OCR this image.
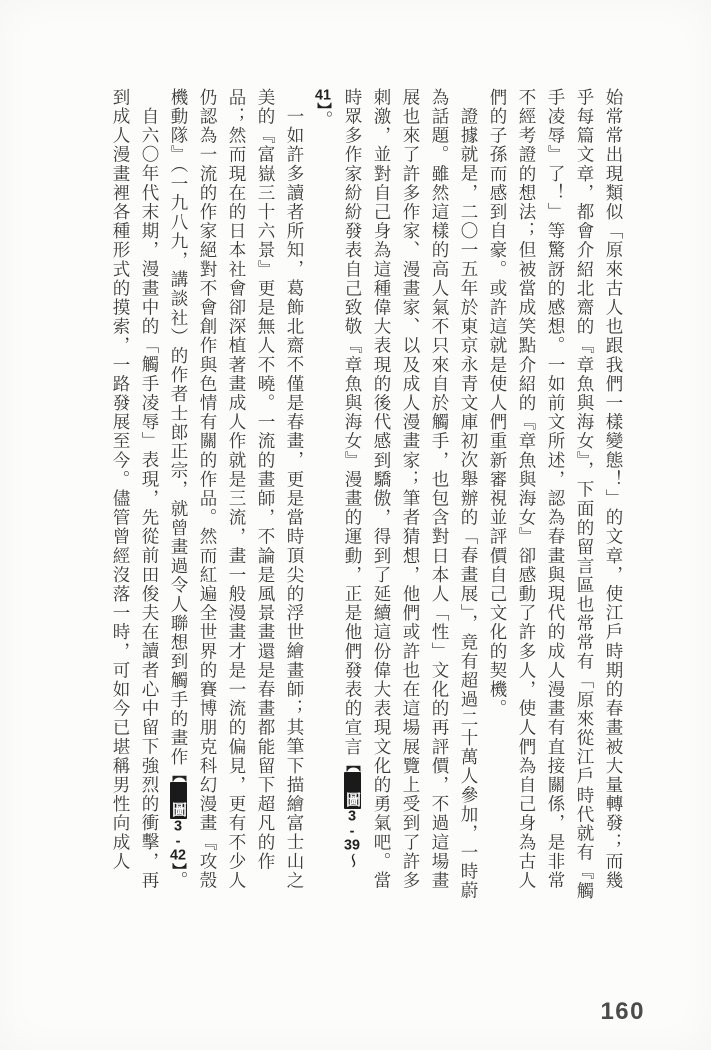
始常常出現類似「原來古人也跟我們一樣變態！」的文章，使江戶時期的春畫被大量轉發；而幾乎每篇文章，都會介紹北齋的『章魚與海女』，下面的留言區也常常有「原來從江戶時代就有『觸手凌辱』了！」等驚訝的感想。一如前文所述，認為春畫與現代的成人漫畫有直接關係，是非常不經考證的想法；但被當成笑點介紹的『章魚與海女』卻感動了許多人，使人們為自己身為古人們的子孫而感到自豪。或許這就是使人們重新審視並評價自己文化的契機。

證據就是，二〇一五年於東京永青文庫初次舉辦的「春畫展」，竟有超過二十萬人參加，一時蔚為話題。雖然這樣的高人氣不只來自於觸手，也包含對日本人「性」文化的再評價，不過這場畫展也來了許多作家、漫畫家、以及成人漫畫家；筆者猜想，他們或許也在這場展覽上受到了許多刺激，並對自己身為這種偉大表現的後代感到驕傲，得到了延續這份偉大表現文化的勇氣吧。當時眾多作家紛紛發表自己致敬『章魚與海女』漫畫的運動，正是他們發表的宣言【圖3-39〜41】。

一如許多讀者所知，葛飾北齋不僅是春畫，更是當時頂尖的浮世繪畫師；其筆下描繪富士山之美的『富嶽三十六景』更是無人不曉。一流的畫師，不論是風景畫還是春畫都能留下超凡的作品；然而現在的日本社會卻深植著畫成人作就是三流，畫一般漫畫才是一流的偏見，更有不少人仍認為一流的作家絕對不會創作與色情有關的作品。然而紅遍全世界的賽博朋克科幻漫畫『攻殼機動隊』（一九八九，講談社）的作者士郎正宗，就曾畫過令人聯想到觸手的畫作【圖3-42】。

自六〇年代末期，漫畫中的「觸手凌辱」表現，先從前田俊夫在讀者心中留下強烈的衝擊，再到成人漫畫裡各種形式的摸索，一路發展至今。儘管曾經沒落一時，可如今已堪稱男性向成人

160
